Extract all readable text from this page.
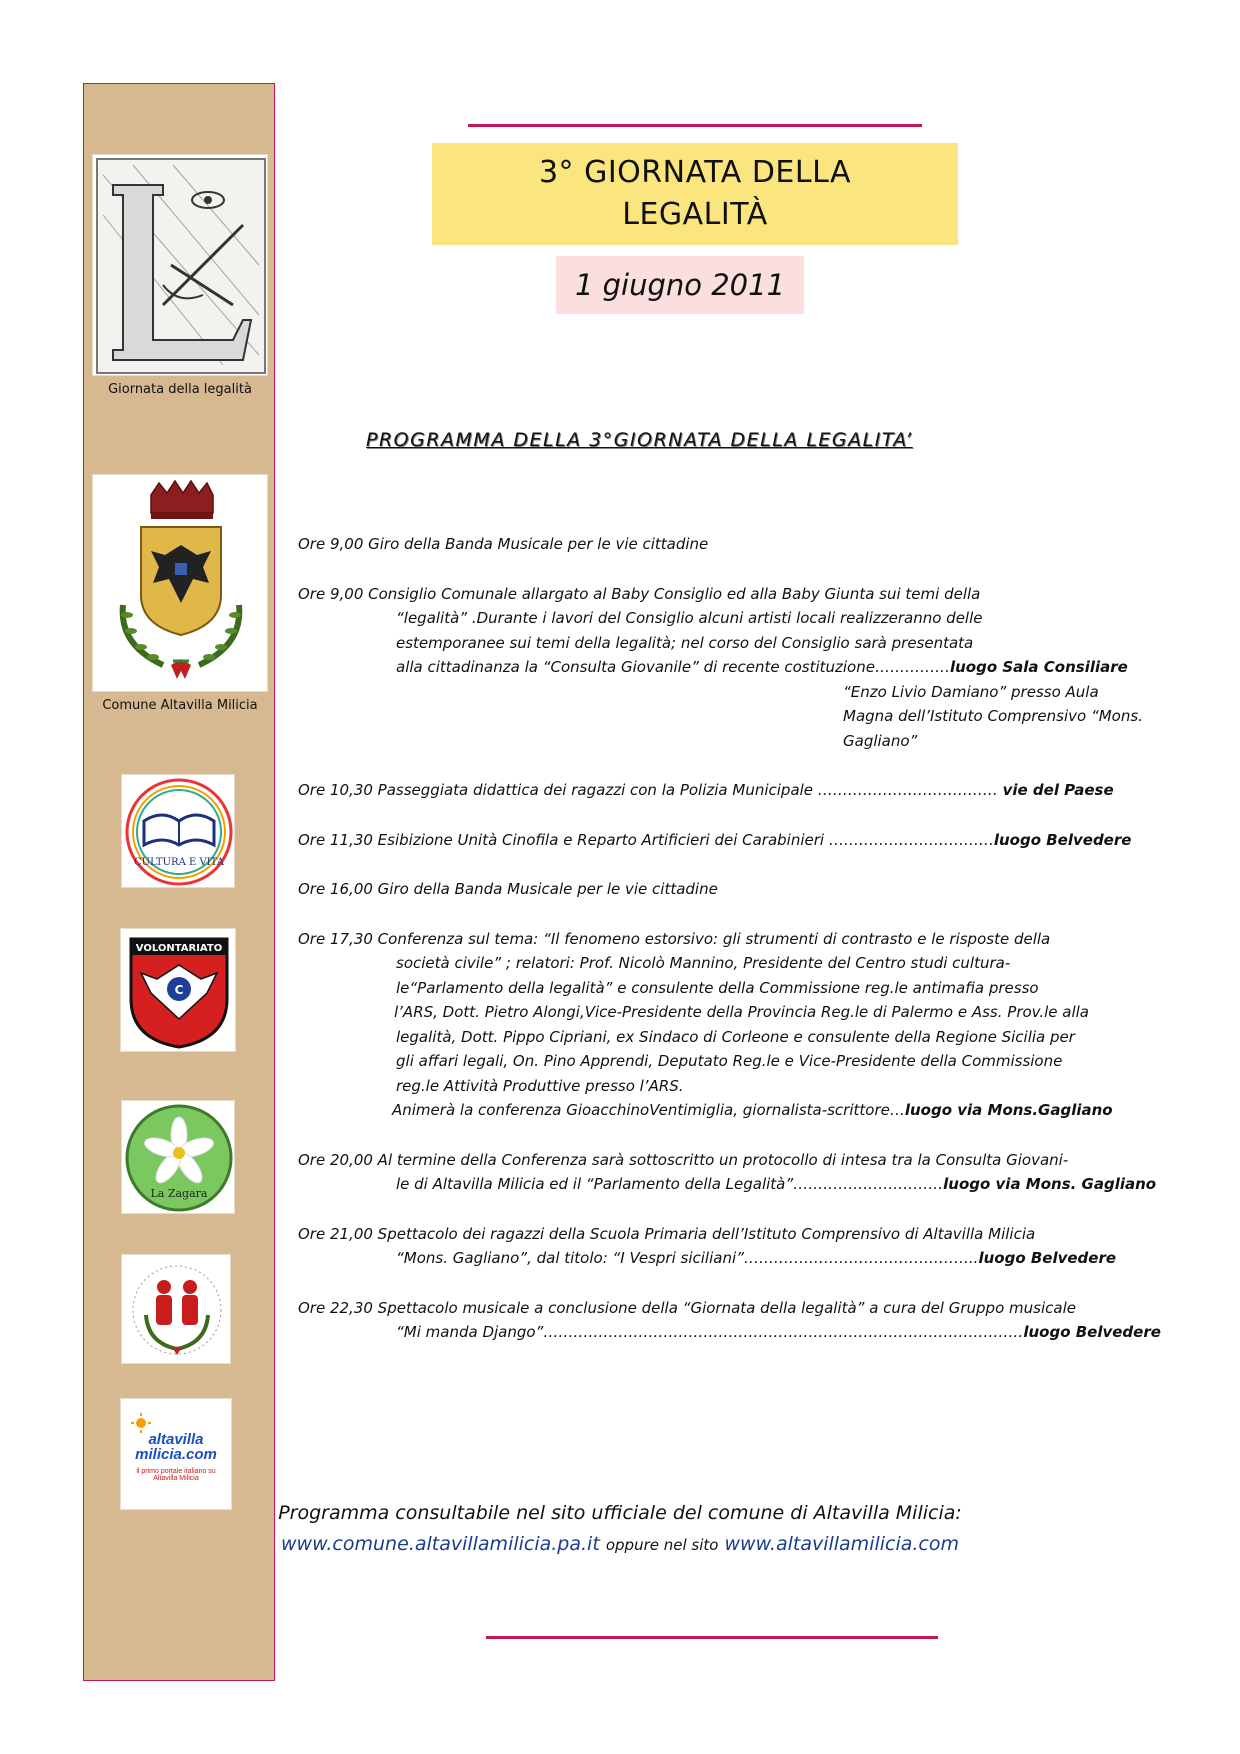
Giornata della legalità
Comune Altavilla Milicia
CULTURA E VITA
VOLONTARIATO
C
La Zagara
altavilla milicia.com
il primo portale italiano su Altavilla Milicia
3° GIORNATA DELLA
LEGALITÀ
1 giugno 2011
PROGRAMMA DELLA 3°GIORNATA DELLA LEGALITA’
Ore 9,00 Giro della Banda Musicale per le vie cittadine
Ore 9,00 Consiglio Comunale allargato al Baby Consiglio ed alla Baby Giunta sui temi della
“legalità” .Durante i lavori del Consiglio alcuni artisti locali realizzeranno delle
estemporanee sui temi della legalità; nel corso del Consiglio sarà presentata
alla cittadinanza la “Consulta Giovanile” di recente costituzione……………luogo Sala Consiliare
“Enzo Livio Damiano” presso Aula Magna dell’Istituto Comprensivo “Mons. Gagliano”
Ore 10,30 Passeggiata didattica dei ragazzi con la Polizia Municipale ……………………………… vie del Paese
Ore 11,30 Esibizione Unità Cinofila e Reparto Artificieri dei Carabinieri ……………………………luogo Belvedere
Ore 16,00 Giro della Banda Musicale per le vie cittadine
Ore 17,30 Conferenza sul tema: “Il fenomeno estorsivo: gli strumenti di contrasto e le risposte della
società civile” ; relatori: Prof. Nicolò Mannino, Presidente del Centro studi cultura-
le“Parlamento della legalità” e consulente della Commissione reg.le antimafia presso
l’ARS, Dott. Pietro Alongi,Vice-Presidente della Provincia Reg.le di Palermo e Ass. Prov.le alla
legalità, Dott. Pippo Cipriani, ex Sindaco di Corleone e consulente della Regione Sicilia per
gli affari legali, On. Pino Apprendi, Deputato Reg.le e Vice-Presidente della Commissione
reg.le Attività Produttive presso l’ARS.
Animerà la conferenza GioacchinoVentimiglia, giornalista-scrittore…luogo via Mons.Gagliano
Ore 20,00 Al termine della Conferenza sarà sottoscritto un protocollo di intesa tra la Consulta Giovani-
le di Altavilla Milicia ed il “Parlamento della Legalità”…………………………luogo via Mons. Gagliano
Ore 21,00 Spettacolo dei ragazzi della Scuola Primaria dell’Istituto Comprensivo di Altavilla Milicia
“Mons. Gagliano”, dal titolo: “I Vespri siciliani”………………………………………..luogo Belvedere
Ore 22,30 Spettacolo musicale a conclusione della “Giornata della legalità” a cura del Gruppo musicale
“Mi manda Django”……………………………………………………………………………………luogo Belvedere
Programma consultabile nel sito ufficiale del comune di Altavilla Milicia:
www.comune.altavillamilicia.pa.it oppure nel sito www.altavillamilicia.com
